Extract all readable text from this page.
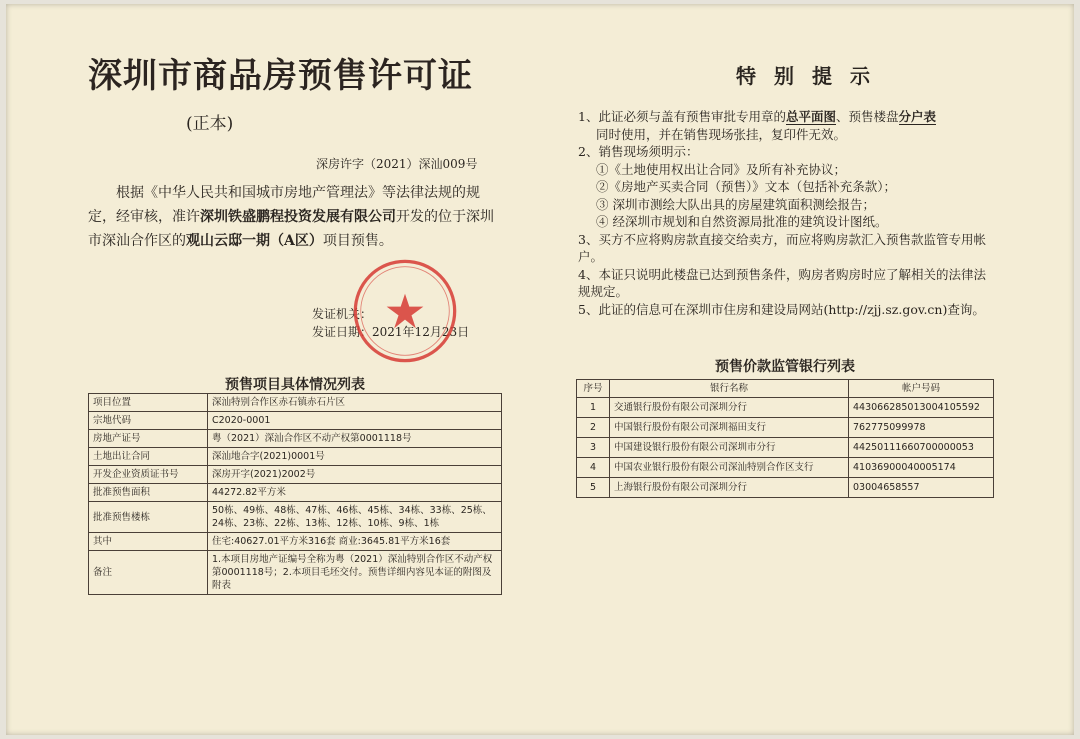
深圳市商品房预售许可证
(正本)
深房许字（2021）深汕009号
根据《中华人民共和国城市房地产管理法》等法律法规的规定，经审核，准许深圳铁盛鹏程投资发展有限公司开发的位于深圳市深汕合作区的观山云邸一期（A区）项目预售。
发证机关：
发证日期：2021年12月23日
预售项目具体情况列表
项目位置	深汕特别合作区赤石镇赤石片区
宗地代码	C2020-0001
房地产证号	粤（2021）深汕合作区不动产权第0001118号
土地出让合同	深汕地合字(2021)0001号
开发企业资质证书号	深房开字(2021)2002号
批准预售面积	44272.82平方米
批准预售楼栋	50栋、49栋、48栋、47栋、46栋、45栋、34栋、33栋、25栋、24栋、23栋、22栋、13栋、12栋、10栋、9栋、1栋
其中	住宅:40627.01平方米316套 商业:3645.81平方米16套
备注	1.本项目房地产证编号全称为粤（2021）深汕特别合作区不动产权第0001118号；2.本项目毛坯交付。预售详细内容见本证的附图及附表
特别提示

1、此证必须与盖有预售审批专用章的总平面图、预售楼盘分户表
同时使用，并在销售现场张挂，复印件无效。

2、销售现场须明示：

①《土地使用权出让合同》及所有补充协议；

②《房地产买卖合同（预售）》文本（包括补充条款）；

③ 深圳市测绘大队出具的房屋建筑面积测绘报告；

④ 经深圳市规划和自然资源局批准的建筑设计图纸。

3、买方不应将购房款直接交给卖方，而应将购房款汇入预售款监管专用帐户。

4、本证只说明此楼盘已达到预售条件，购房者购房时应了解相关的法律法规规定。

5、此证的信息可在深圳市住房和建设局网站(http://zjj.sz.gov.cn)查询。

预售价款监管银行列表
序号	银行名称	帐户号码
1	交通银行股份有限公司深圳分行	443066285013004105592
2	中国银行股份有限公司深圳福田支行	762775099978
3	中国建设银行股份有限公司深圳市分行	44250111660700000053
4	中国农业银行股份有限公司深汕特别合作区支行	41036900040005174
5	上海银行股份有限公司深圳分行	03004658557
